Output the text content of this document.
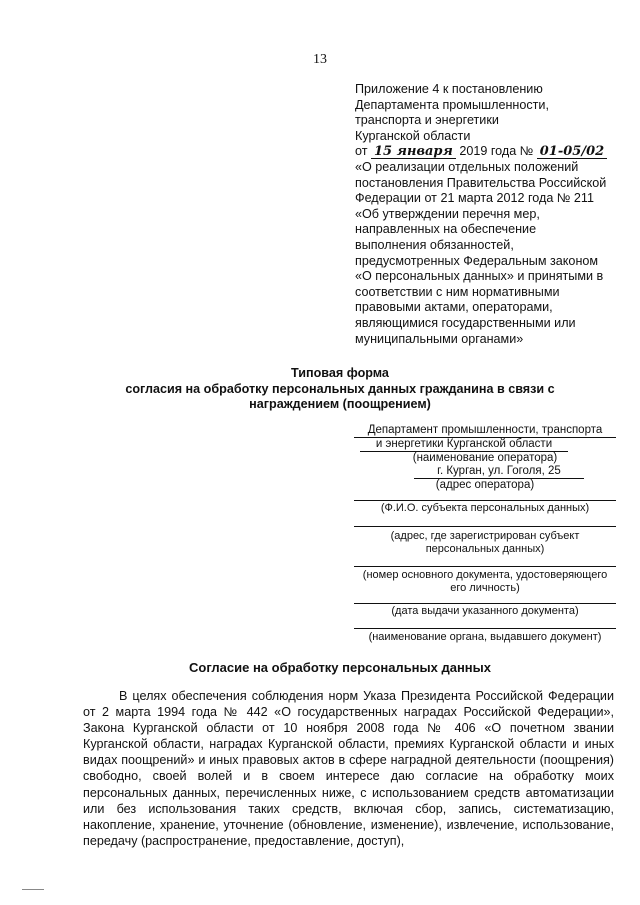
13
Приложение 4 к постановлению
Департамента промышленности,
транспорта и энергетики
Курганской области
от 15 января 2019 года № 01-05/02
«О реализации отдельных положений
постановления Правительства Российской
Федерации от 21 марта 2012 года № 211
«Об утверждении перечня мер,
направленных на обеспечение
выполнения обязанностей,
предусмотренных Федеральным законом
«О персональных данных» и принятыми в
соответствии с ним нормативными
правовыми актами, операторами,
являющимися государственными или
муниципальными органами»
Типовая форма
согласия на обработку персональных данных гражданина в связи с
награждением (поощрением)
Департамент промышленности, транспорта
и энергетики Курганской области
(наименование оператора)
г. Курган, ул. Гоголя, 25
(адрес оператора)
(Ф.И.О. субъекта персональных данных)
(адрес, где зарегистрирован субъект
персональных данных)
(номер основного документа, удостоверяющего
его личность)
(дата выдачи указанного документа)
(наименование органа, выдавшего документ)
Согласие на обработку персональных данных

В целях обеспечения соблюдения норм Указа Президента Российской Федерации от 2 марта 1994 года № 442 «О государственных наградах Российской Федерации», Закона Курганской области от 10 ноября 2008 года № 406 «О почетном звании Курганской области, наградах Курганской области, премиях Курганской области и иных видах поощрений» и иных правовых актов в сфере наградной деятельности (поощрения) свободно, своей волей и в своем интересе даю согласие на обработку моих персональных данных, перечисленных ниже, с использованием средств автоматизации или без использования таких средств, включая сбор, запись, систематизацию, накопление, хранение, уточнение (обновление, изменение), извлечение, использование, передачу (распространение, предоставление, доступ),
